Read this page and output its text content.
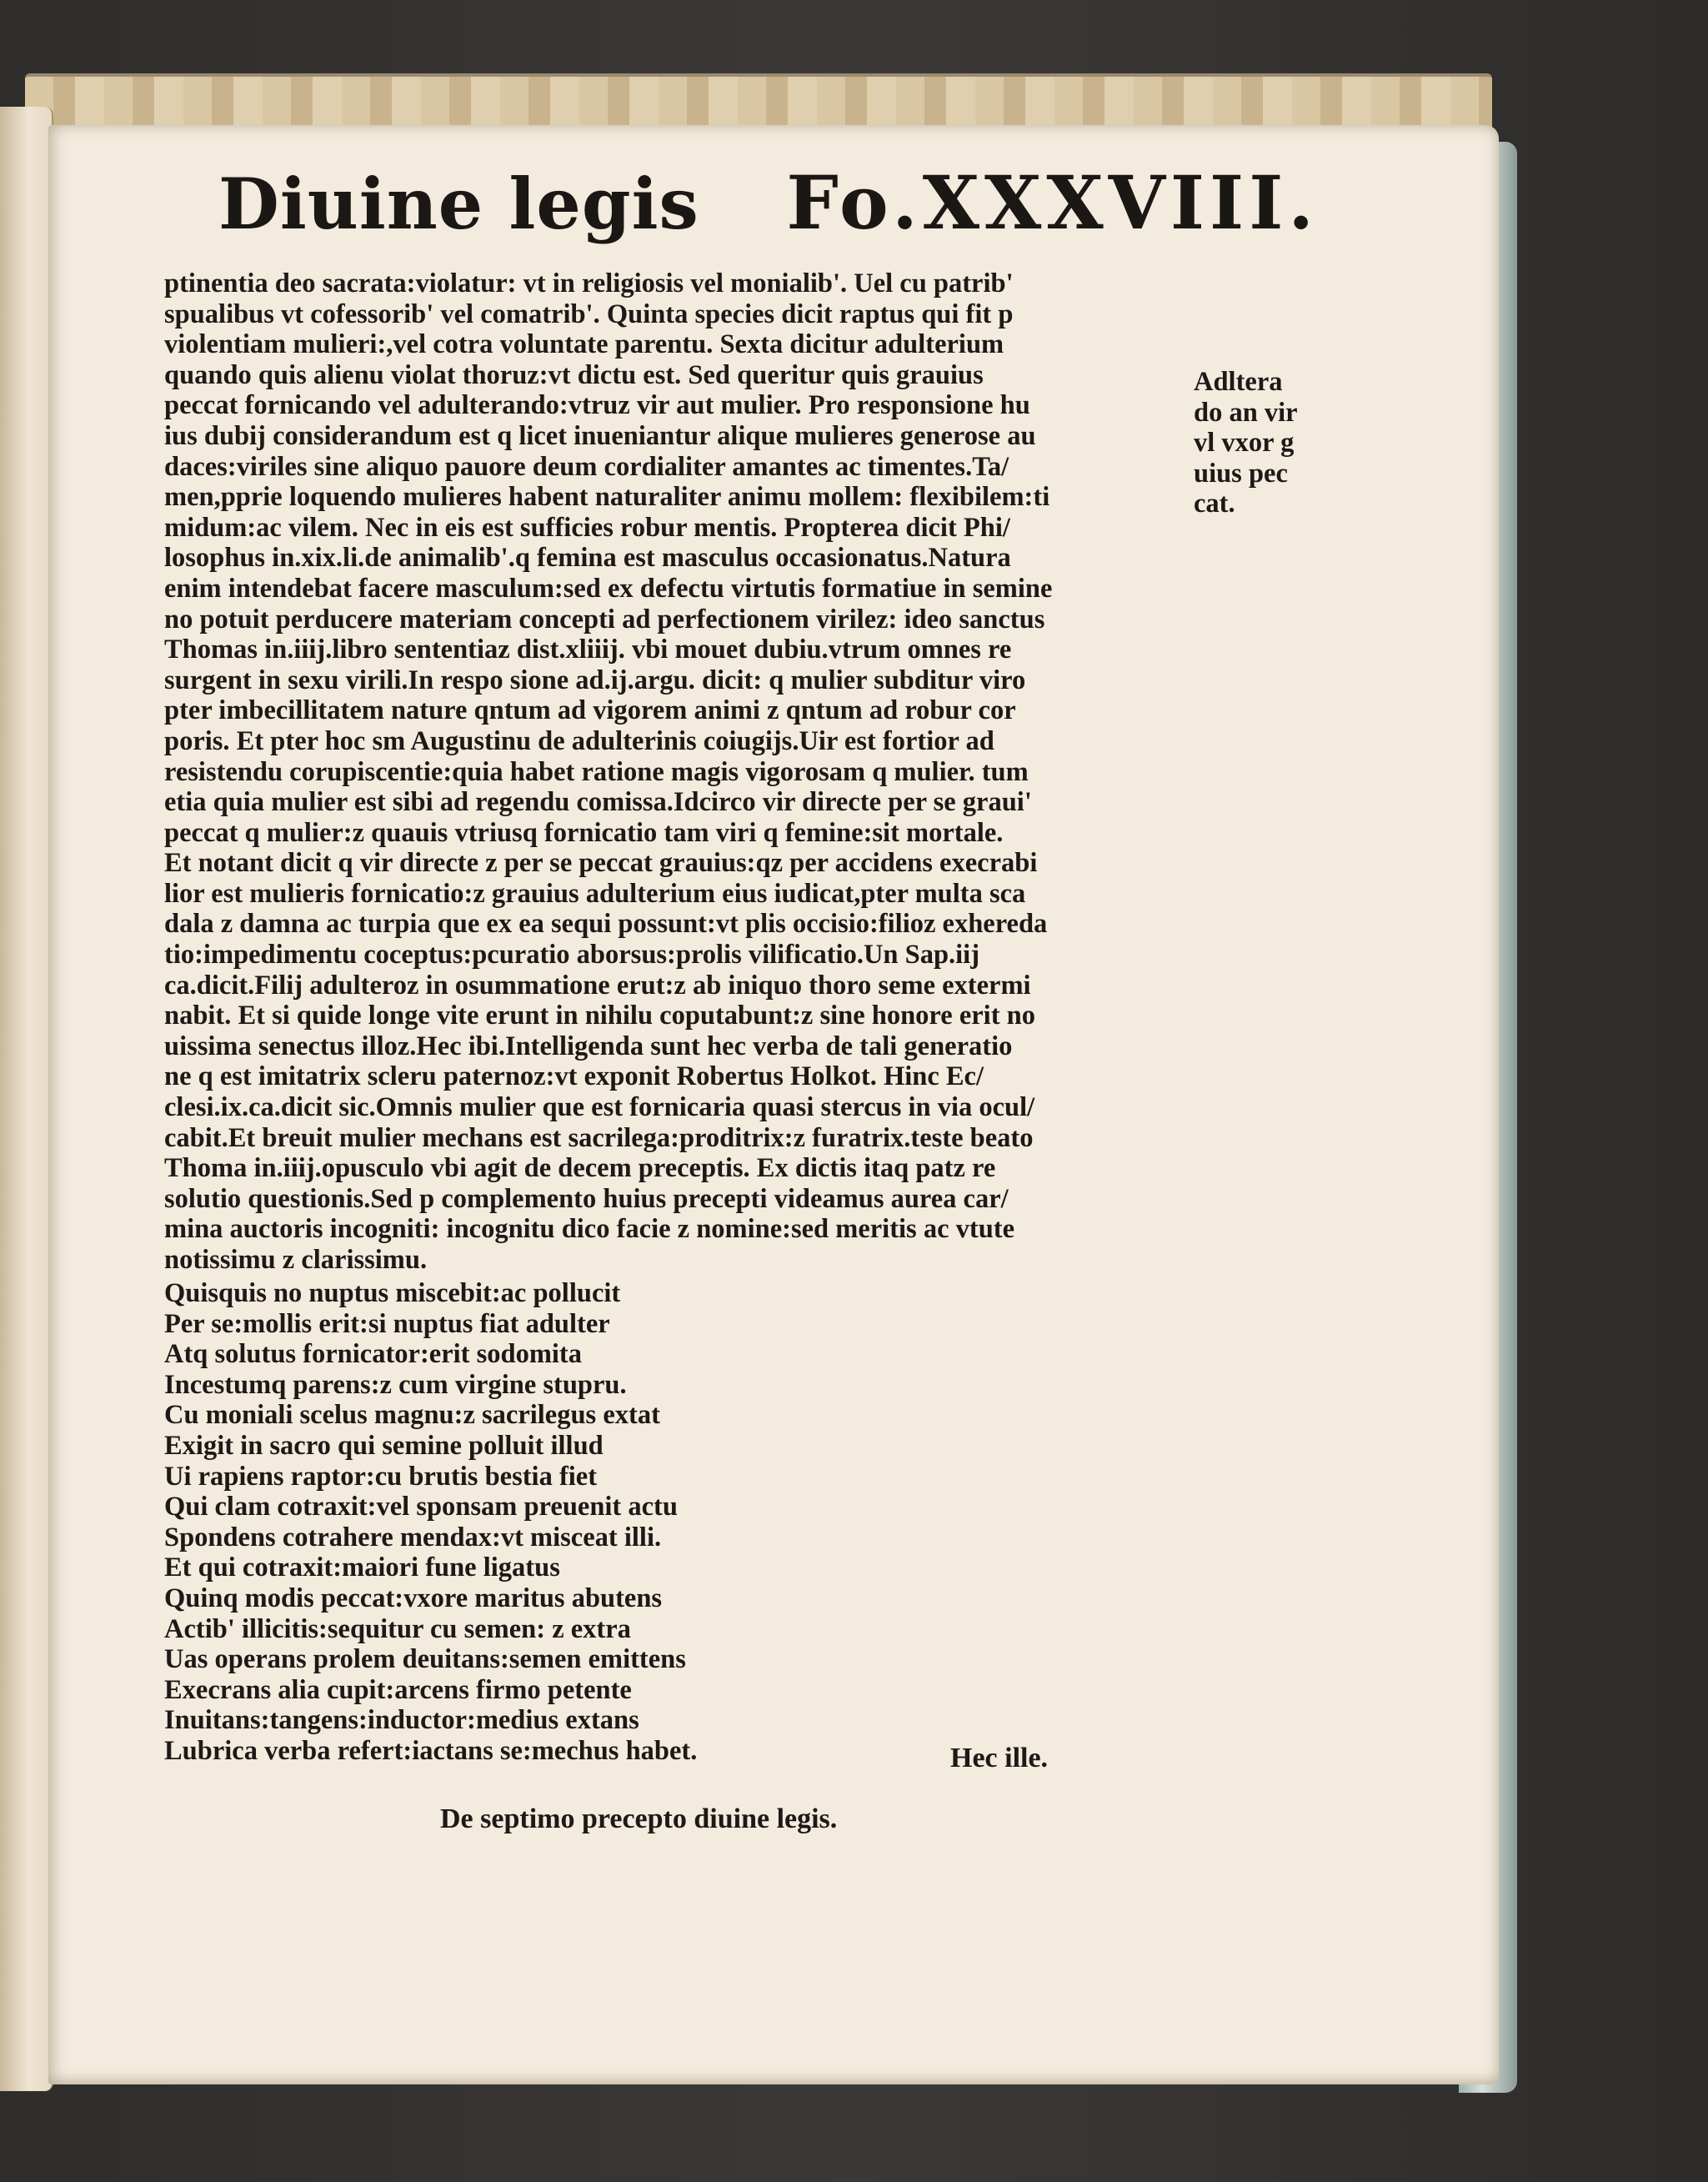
Diuine legis Fo.XXXVIII.
ptinentia deo sacrata:violatur: vt in religiosis vel monialib'. Uel cu patrib'
spualibus vt cofessorib' vel comatrib'. Quinta species dicit raptus qui fit p
violentiam mulieri:,vel cotra voluntate parentu. Sexta dicitur adulterium
quando quis alienu violat thoruz:vt dictu est. Sed queritur quis grauius
peccat fornicando vel adulterando:vtruz vir aut mulier. Pro responsione hu
ius dubij considerandum est q licet inueniantur alique mulieres generose au
daces:viriles sine aliquo pauore deum cordialiter amantes ac timentes.Ta/
men,pprie loquendo mulieres habent naturaliter animu mollem: flexibilem:ti
midum:ac vilem. Nec in eis est sufficies robur mentis. Propterea dicit Phi/
losophus in.xix.li.de animalib'.q femina est masculus occasionatus.Natura
enim intendebat facere masculum:sed ex defectu virtutis formatiue in semine
no potuit perducere materiam concepti ad perfectionem virilez: ideo sanctus
Thomas in.iiij.libro sententiaz dist.xliiij. vbi mouet dubiu.vtrum omnes re
surgent in sexu virili.In respo sione ad.ij.argu. dicit: q mulier subditur viro
pter imbecillitatem nature qntum ad vigorem animi z qntum ad robur cor
poris. Et pter hoc sm Augustinu de adulterinis coiugijs.Uir est fortior ad
resistendu corupiscentie:quia habet ratione magis vigorosam q mulier. tum
etia quia mulier est sibi ad regendu comissa.Idcirco vir directe per se graui'
peccat q mulier:z quauis vtriusq fornicatio tam viri q femine:sit mortale.
Et notant dicit q vir directe z per se peccat grauius:qz per accidens execrabi
lior est mulieris fornicatio:z grauius adulterium eius iudicat,pter multa sca
dala z damna ac turpia que ex ea sequi possunt:vt plis occisio:filioz exhereda
tio:impedimentu coceptus:pcuratio aborsus:prolis vilificatio.Un Sap.iij
ca.dicit.Filij adulteroz in osummatione erut:z ab iniquo thoro seme extermi
nabit. Et si quide longe vite erunt in nihilu coputabunt:z sine honore erit no
uissima senectus illoz.Hec ibi.Intelligenda sunt hec verba de tali generatio
ne q est imitatrix scleru paternoz:vt exponit Robertus Holkot. Hinc Ec/
clesi.ix.ca.dicit sic.Omnis mulier que est fornicaria quasi stercus in via ocul/
cabit.Et breuit mulier mechans est sacrilega:proditrix:z furatrix.teste beato
Thoma in.iiij.opusculo vbi agit de decem preceptis. Ex dictis itaq patz re
solutio questionis.Sed p complemento huius precepti videamus aurea car/
mina auctoris incogniti: incognitu dico facie z nomine:sed meritis ac vtute
notissimu z clarissimu.
Adltera
do an vir
vl vxor g
uius pec
cat.
Quisquis no nuptus miscebit:ac pollucit
Per se:mollis erit:si nuptus fiat adulter
Atq solutus fornicator:erit sodomita
Incestumq parens:z cum virgine stupru.
Cu moniali scelus magnu:z sacrilegus extat
Exigit in sacro qui semine polluit illud
Ui rapiens raptor:cu brutis bestia fiet
Qui clam cotraxit:vel sponsam preuenit actu
Spondens cotrahere mendax:vt misceat illi.
Et qui cotraxit:maiori fune ligatus
Quinq modis peccat:vxore maritus abutens
Actib' illicitis:sequitur cu semen: z extra
Uas operans prolem deuitans:semen emittens
Execrans alia cupit:arcens firmo petente
Inuitans:tangens:inductor:medius extans
Lubrica verba refert:iactans se:mechus habet.	Hec ille.
De septimo precepto diuine legis.
